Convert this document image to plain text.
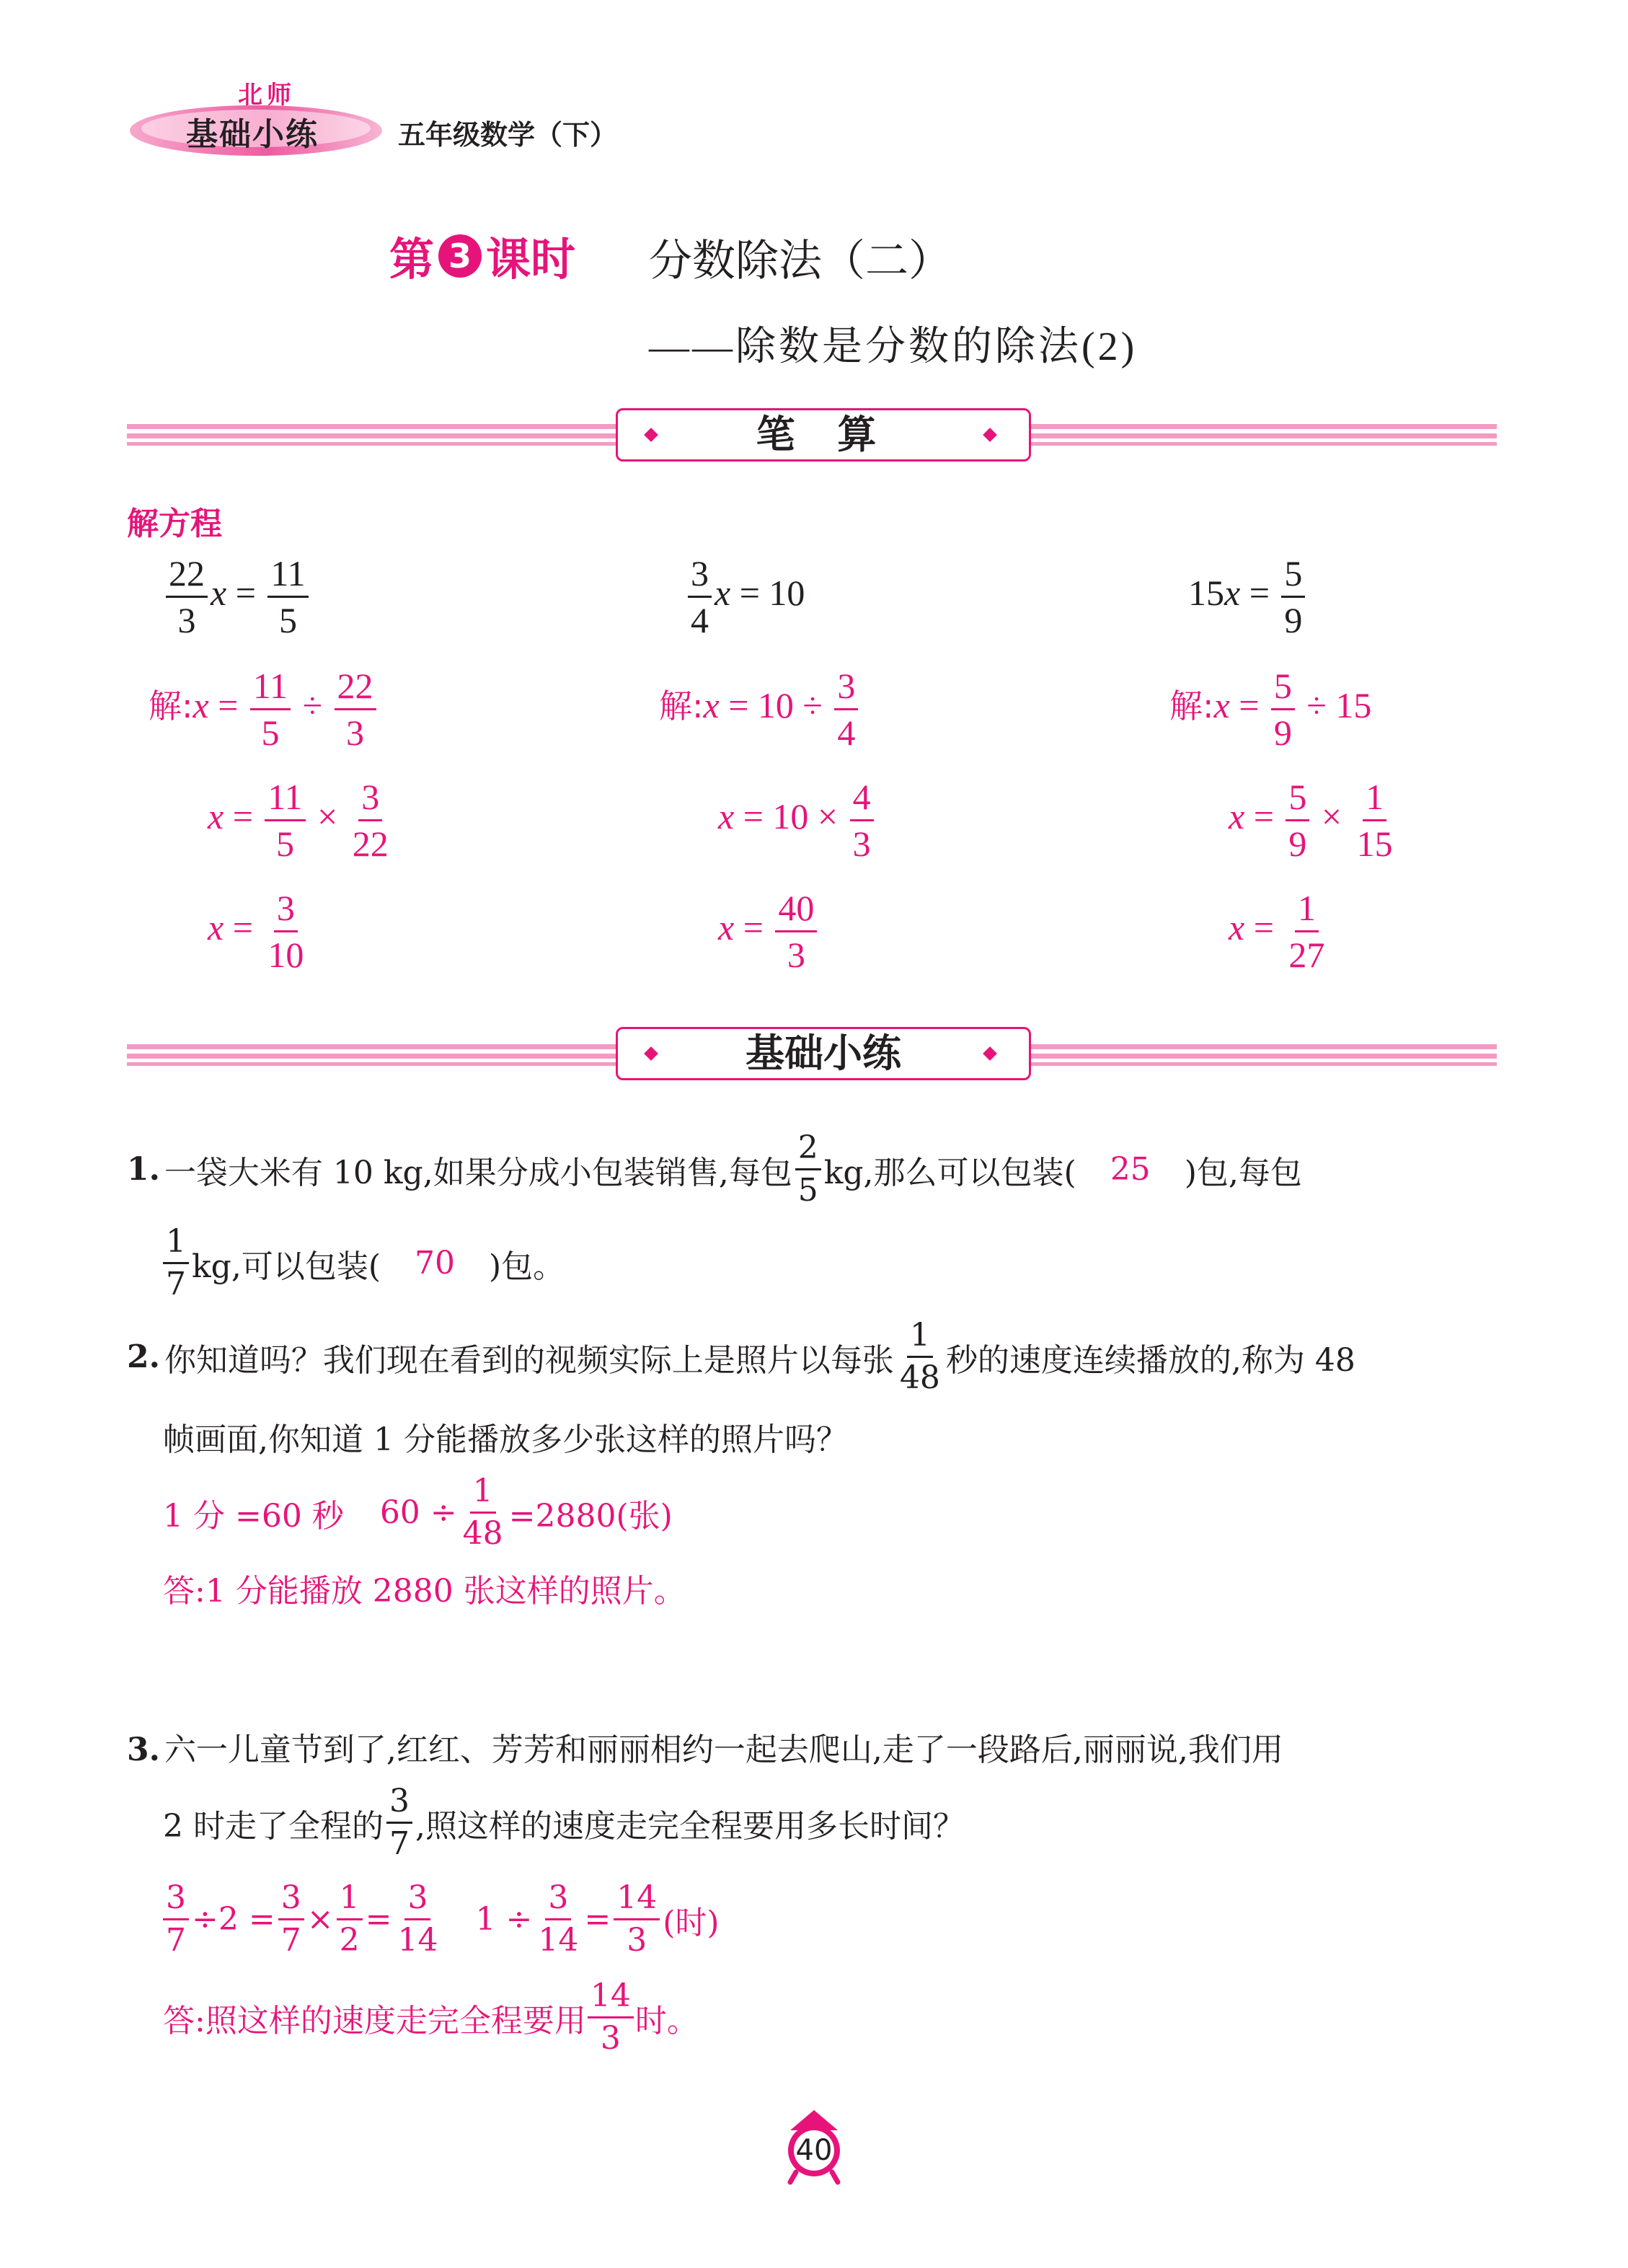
北师
基础小练	五年级数学（下）
第 3 课时 分数除法（二）
——除数是分数的除法(2)
笔 算
解方程
$\frac{22}{3}$ $x = \frac{11}{5}$
解:x = $\frac{11}{5} \div \frac{22}{3}$
$x = \frac{11}{5} \times \frac{3}{22}$
$x = \frac{3}{10}$
$\frac{3}{4}$ x = 10
解:x = $10 \div \frac{3}{4}$
$x = 10 \times \frac{4}{3}$
$x = \frac{40}{3}$
$15x = \frac{5}{9}$
解:x = $\frac{5}{9} \div 15$
$x = \frac{5}{9} \times \frac{1}{15}$
$x = \frac{1}{27}$
基础小练
1. 一袋大米有 10 kg,如果分成小包装销售,每包 $\frac{2}{5}$ kg,那么可以包装(	25	)包,每包
$\frac{1}{7}$ kg,可以包装(	70	)包。
2. 你知道吗？我们现在看到的视频实际上是照片以每张 $\frac{1}{48}$ 秒的速度连续播放的,称为 48
帧画面,你知道 1 分能播放多少张这样的照片吗？
1 分 =60 秒 $60 \div \frac{1}{48} =2880$(张)
答:1 分能播放 2880 张这样的照片。
3. 六一儿童节到了,红红、芳芳和丽丽相约一起去爬山,走了一段路后,丽丽说,我们用
2 时走了全程的 $\frac{3}{7}$ ,照这样的速度走完全程要用多长时间？
$\frac{3}{7} \div 2 = \frac{3}{7} \times \frac{1}{2} = \frac{3}{14} 1 \div \frac{3}{14} = \frac{14}{3}$ (时)
答:照这样的速度走完全程要用 $\frac{14}{3}$ 时。
40
